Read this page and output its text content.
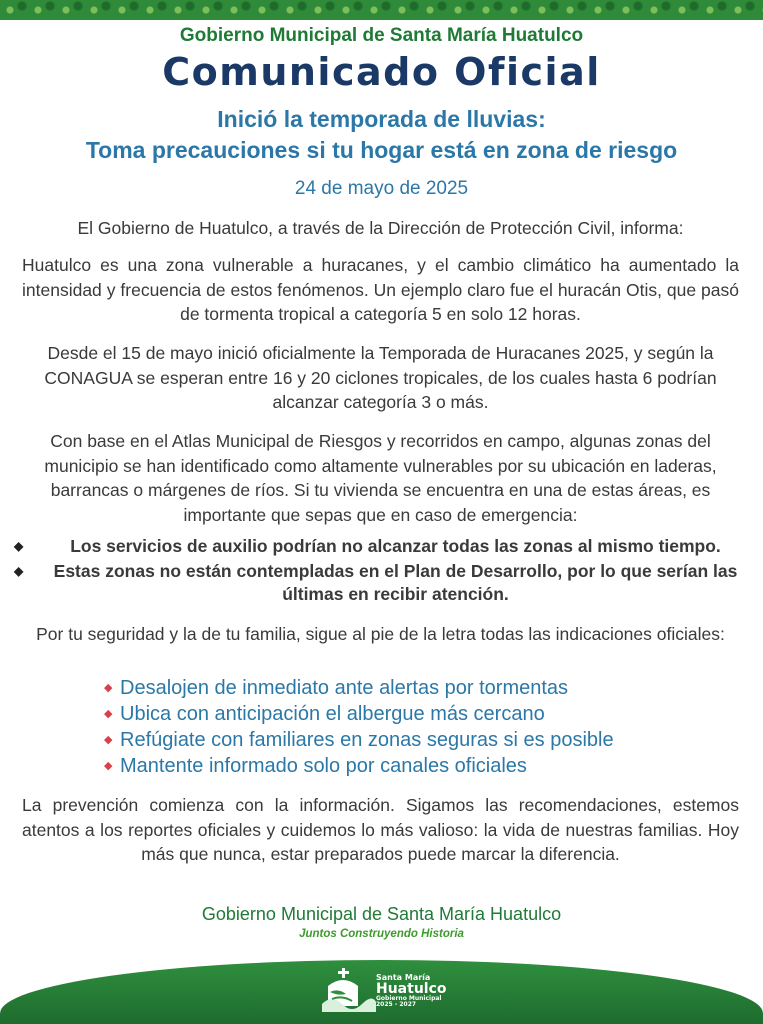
Gobierno Municipal de Santa María Huatulco
Comunicado Oficial
Inició la temporada de lluvias:
Toma precauciones si tu hogar está en zona de riesgo
24 de mayo de 2025
El Gobierno de Huatulco, a través de la Dirección de Protección Civil, informa:
Huatulco es una zona vulnerable a huracanes, y el cambio climático ha aumentado la intensidad y frecuencia de estos fenómenos. Un ejemplo claro fue el huracán Otis, que pasó de tormenta tropical a categoría 5 en solo 12 horas.
Desde el 15 de mayo inició oficialmente la Temporada de Huracanes 2025, y según la CONAGUA se esperan entre 16 y 20 ciclones tropicales, de los cuales hasta 6 podrían alcanzar categoría 3 o más.
Con base en el Atlas Municipal de Riesgos y recorridos en campo, algunas zonas del municipio se han identificado como altamente vulnerables por su ubicación en laderas, barrancas o márgenes de ríos. Si tu vivienda se encuentra en una de estas áreas, es importante que sepas que en caso de emergencia:
◆	Los servicios de auxilio podrían no alcanzar todas las zonas al mismo tiempo.
◆	Estas zonas no están contempladas en el Plan de Desarrollo, por lo que serían las últimas en recibir atención.
Por tu seguridad y la de tu familia, sigue al pie de la letra todas las indicaciones oficiales:
◆ Desalojen de inmediato ante alertas por tormentas
◆ Ubica con anticipación el albergue más cercano
◆ Refúgiate con familiares en zonas seguras si es posible
◆ Mantente informado solo por canales oficiales
La prevención comienza con la información. Sigamos las recomendaciones, estemos atentos a los reportes oficiales y cuidemos lo más valioso: la vida de nuestras familias. Hoy más que nunca, estar preparados puede marcar la diferencia.
Gobierno Municipal de Santa María Huatulco
Juntos Construyendo Historia
Santa María
Huatulco
Gobierno Municipal
2025 - 2027
